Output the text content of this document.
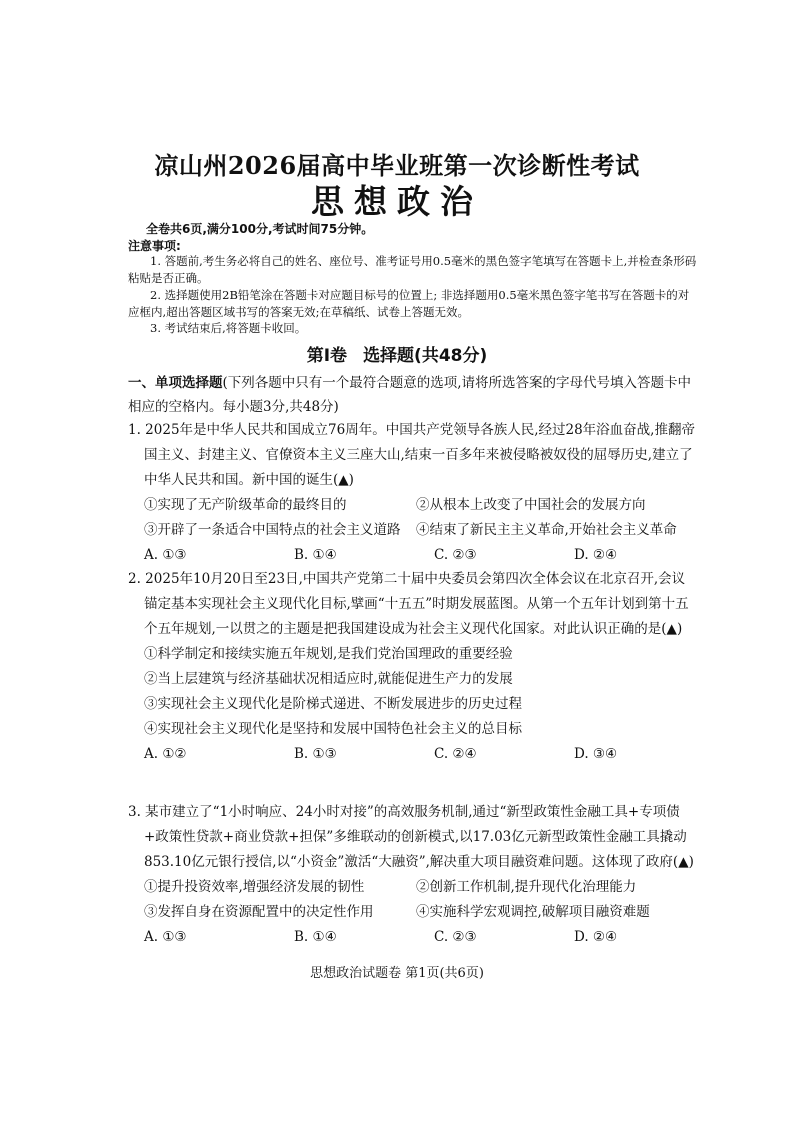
凉山州2026届高中毕业班第一次诊断性考试
思想政治
全卷共6页,满分100分,考试时间75分钟。
注意事项:

1. 答题前,考生务必将自己的姓名、座位号、准考证号用0.5毫米的黑色签字笔填写在答题卡上,并检查条形码粘贴是否正确。

2. 选择题使用2B铅笔涂在答题卡对应题目标号的位置上; 非选择题用0.5毫米黑色签字笔书写在答题卡的对应框内,超出答题区域书写的答案无效;在草稿纸、试卷上答题无效。

3. 考试结束后,将答题卡收回。

第Ⅰ卷 选择题(共48分)

一、单项选择题(下列各题中只有一个最符合题意的选项,请将所选答案的字母代号填入答题卡中相应的空格内。每小题3分,共48分)

1. 2025年是中华人民共和国成立76周年。中国共产党领导各族人民,经过28年浴血奋战,推翻帝国主义、封建主义、官僚资本主义三座大山,结束一百多年来被侵略被奴役的屈辱历史,建立了中华人民共和国。新中国的诞生(▲)

①实现了无产阶级革命的最终目的	②从根本上改变了中国社会的发展方向
③开辟了一条适合中国特点的社会主义道路 ④结束了新民主主义革命,开始社会主义革命
A. ①③	B. ①④	C. ②③	D. ②④

2. 2025年10月20日至23日,中国共产党第二十届中央委员会第四次全体会议在北京召开,会议锚定基本实现社会主义现代化目标,擘画“十五五”时期发展蓝图。从第一个五年计划到第十五个五年规划,一以贯之的主题是把我国建设成为社会主义现代化国家。对此认识正确的是(▲)

①科学制定和接续实施五年规划,是我们党治国理政的重要经验
②当上层建筑与经济基础状况相适应时,就能促进生产力的发展
③实现社会主义现代化是阶梯式递进、不断发展进步的历史过程
④实现社会主义现代化是坚持和发展中国特色社会主义的总目标
A. ①②	B. ①③	C. ②④	D. ③④

3. 某市建立了“1小时响应、24小时对接”的高效服务机制,通过“新型政策性金融工具+专项债+政策性贷款+商业贷款+担保”多维联动的创新模式,以17.03亿元新型政策性金融工具撬动853.10亿元银行授信,以“小资金”激活“大融资”,解决重大项目融资难问题。这体现了政府(▲)

①提升投资效率,增强经济发展的韧性	②创新工作机制,提升现代化治理能力
③发挥自身在资源配置中的决定性作用	④实施科学宏观调控,破解项目融资难题
A. ①③	B. ①④	C. ②③	D. ②④

思想政治试题卷 第1页(共6页)
